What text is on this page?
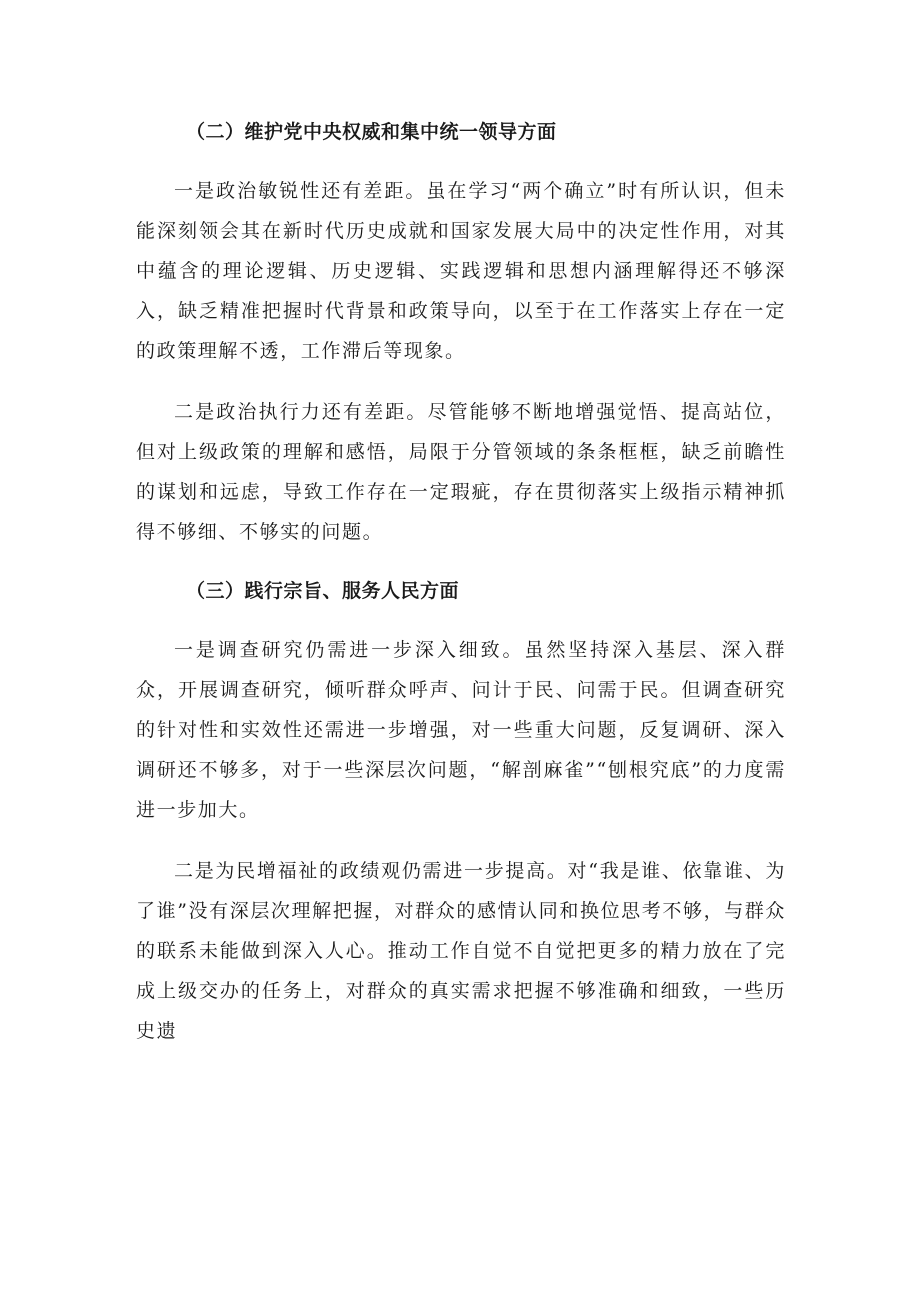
（二）维护党中央权威和集中统一领导方面

一是政治敏锐性还有差距。虽在学习“两个确立”时有所认识，但未能深刻领会其在新时代历史成就和国家发展大局中的决定性作用，对其中蕴含的理论逻辑、历史逻辑、实践逻辑和思想内涵理解得还不够深入，缺乏精准把握时代背景和政策导向，以至于在工作落实上存在一定的政策理解不透，工作滞后等现象。

二是政治执行力还有差距。尽管能够不断地增强觉悟、提高站位，但对上级政策的理解和感悟，局限于分管领域的条条框框，缺乏前瞻性的谋划和远虑，导致工作存在一定瑕疵，存在贯彻落实上级指示精神抓得不够细、不够实的问题。

（三）践行宗旨、服务人民方面

一是调查研究仍需进一步深入细致。虽然坚持深入基层、深入群众，开展调查研究，倾听群众呼声、问计于民、问需于民。但调查研究的针对性和实效性还需进一步增强，对一些重大问题，反复调研、深入调研还不够多，对于一些深层次问题，“解剖麻雀”“刨根究底”的力度需进一步加大。

二是为民增福祉的政绩观仍需进一步提高。对“我是谁、依靠谁、为了谁”没有深层次理解把握，对群众的感情认同和换位思考不够，与群众的联系未能做到深入人心。推动工作自觉不自觉把更多的精力放在了完成上级交办的任务上，对群众的真实需求把握不够准确和细致，一些历史遗
